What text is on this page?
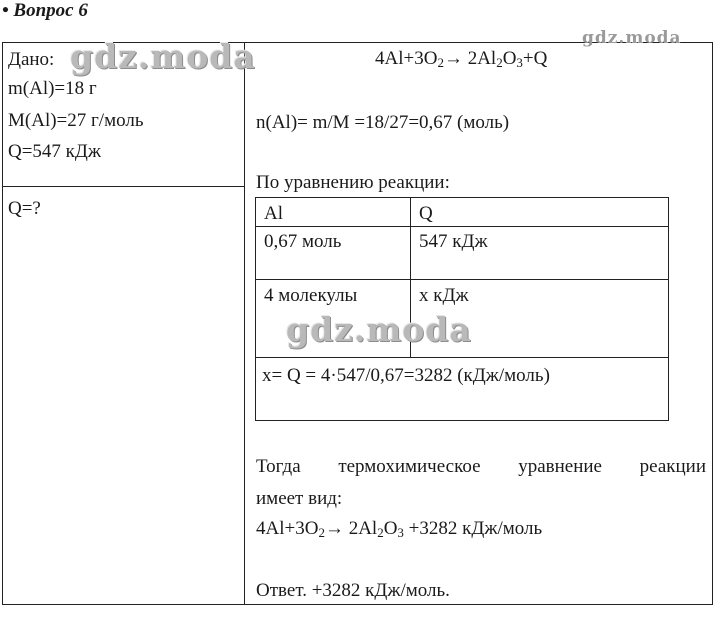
• Вопрос 6
Дано: gdz.moda
m(Al)=18 г
M(Al)=27 г/моль
Q=547 кДж
Q=?
gdz.moda
$4Al+3O_2\to 2Al_2O_3+Q$
n(Al)= m/M =18/27=0,67 (моль)
По уравнению реакции:
Al	Q
0,67 моль	547 кДж
4 молекулы	х кДж
gdz.moda
х= Q = 4·547/0,67=3282 (кДж/моль)
Тогда термохимическое уравнение реакции
имеет вид:
$4Al+3O_2\to 2Al_2O_3 +3282$ кДж/моль
Ответ. +3282 кДж/моль.
